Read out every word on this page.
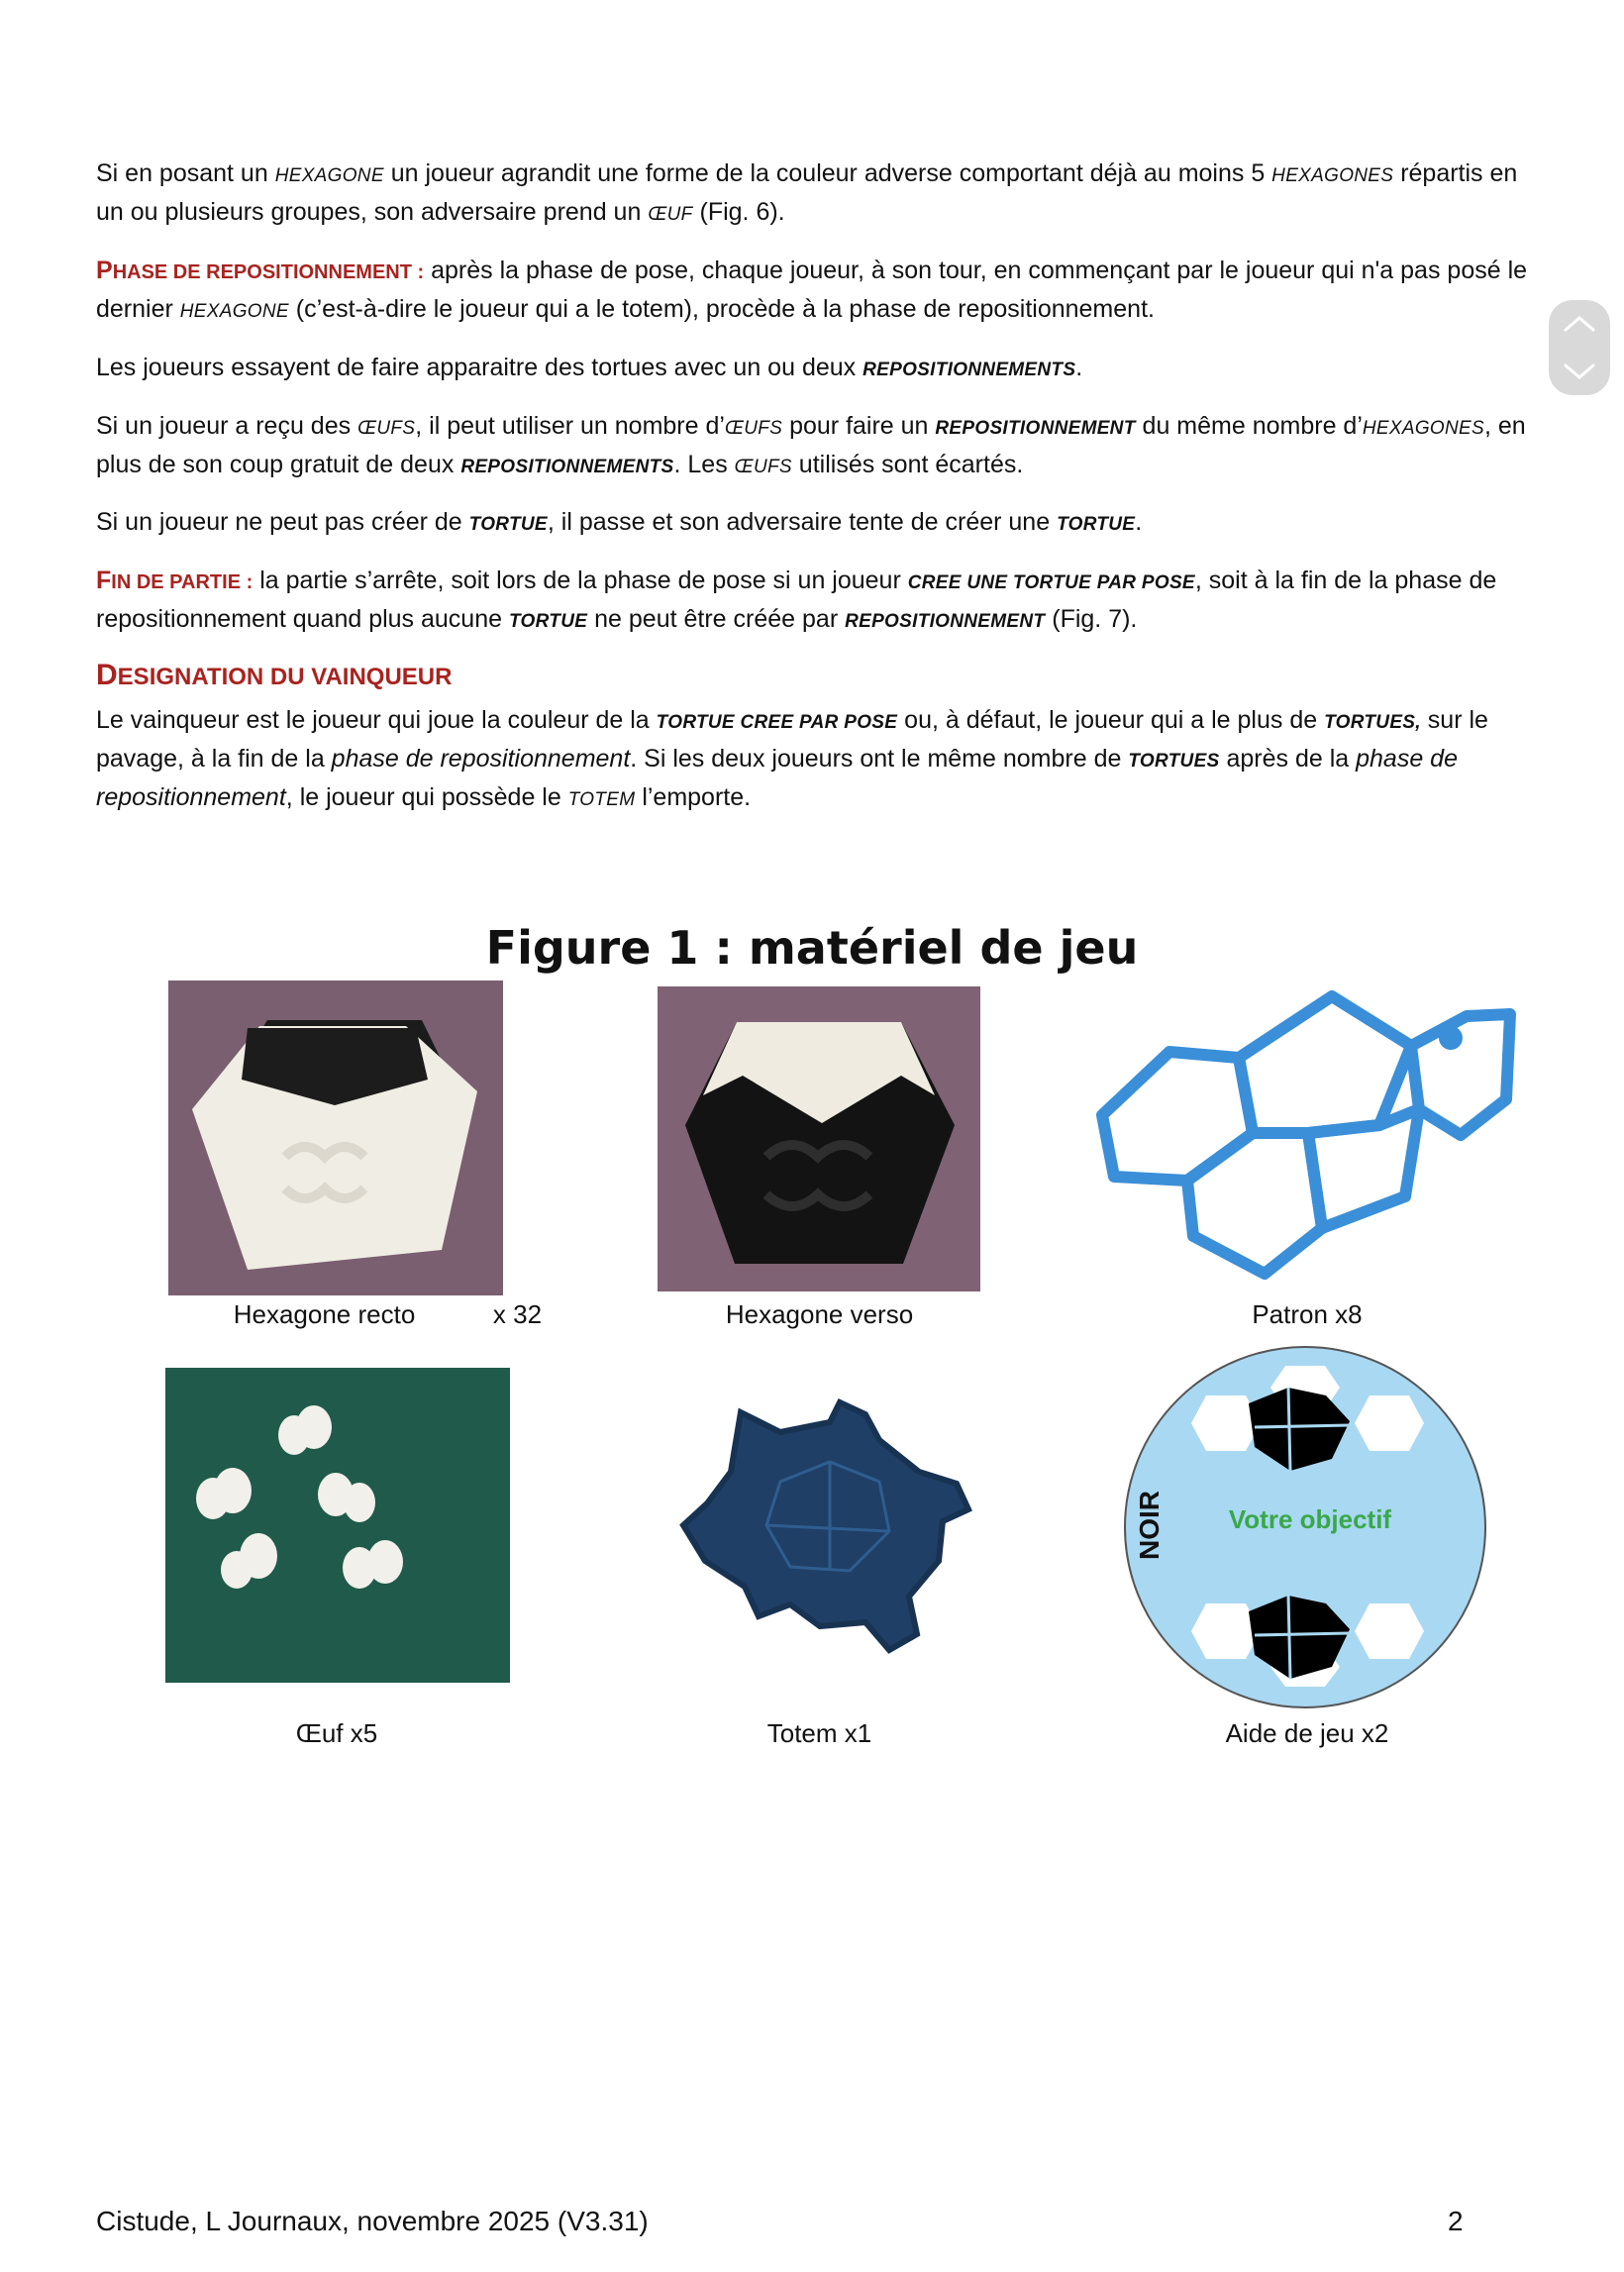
Si en posant un HEXAGONE un joueur agrandit une forme de la couleur adverse comportant déjà au moins 5 HEXAGONES répartis en un ou plusieurs groupes, son adversaire prend un ŒUF (Fig. 6).

PHASE DE REPOSITIONNEMENT : après la phase de pose, chaque joueur, à son tour, en commençant par le joueur qui n'a pas posé le dernier HEXAGONE (c’est-à-dire le joueur qui a le totem), procède à la phase de repositionnement.

Les joueurs essayent de faire apparaitre des tortues avec un ou deux REPOSITIONNEMENTS.

Si un joueur a reçu des ŒUFS, il peut utiliser un nombre d’ŒUFS pour faire un REPOSITIONNEMENT du même nombre d’HEXAGONES, en plus de son coup gratuit de deux REPOSITIONNEMENTS. Les ŒUFS utilisés sont écartés.

Si un joueur ne peut pas créer de TORTUE, il passe et son adversaire tente de créer une TORTUE.

FIN DE PARTIE : la partie s’arrête, soit lors de la phase de pose si un joueur CREE UNE TORTUE PAR POSE, soit à la fin de la phase de repositionnement quand plus aucune TORTUE ne peut être créée par REPOSITIONNEMENT (Fig. 7).

DESIGNATION DU VAINQUEUR

Le vainqueur est le joueur qui joue la couleur de la TORTUE CREE PAR POSE ou, à défaut, le joueur qui a le plus de TORTUES, sur le pavage, à la fin de la phase de repositionnement. Si les deux joueurs ont le même nombre de TORTUES après de la phase de repositionnement, le joueur qui possède le TOTEM l’emporte.

Figure 1 : matériel de jeu
Hexagone recto	x 32	Hexagone verso	Patron x8
Œuf x5	Totem x1
NOIR	Votre objectif
Aide de jeu x2
Cistude, L Journaux, novembre 2025 (V3.31)	2
